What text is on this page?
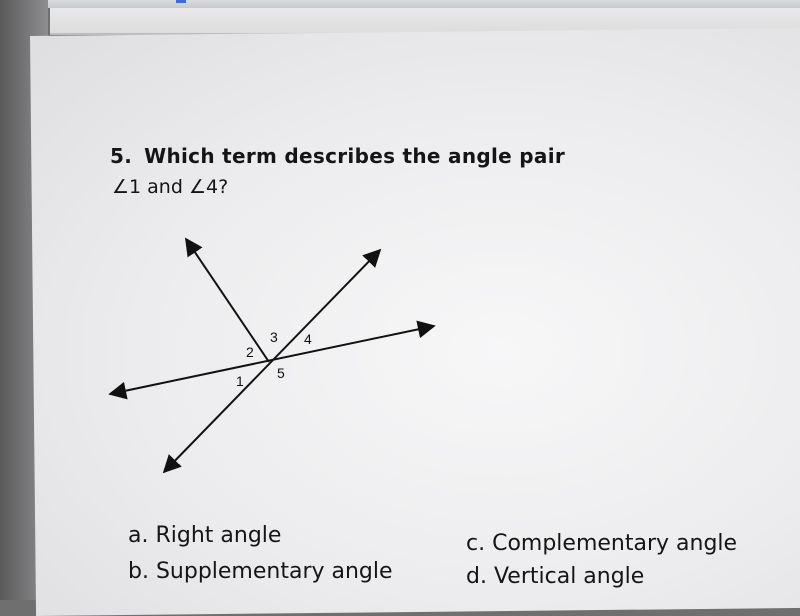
5. Which term describes the angle pair
∠1 and ∠4?
1
2
3 4
5
a. Right angle
b. Supplementary angle
c. Complementary angle
d. Vertical angle
